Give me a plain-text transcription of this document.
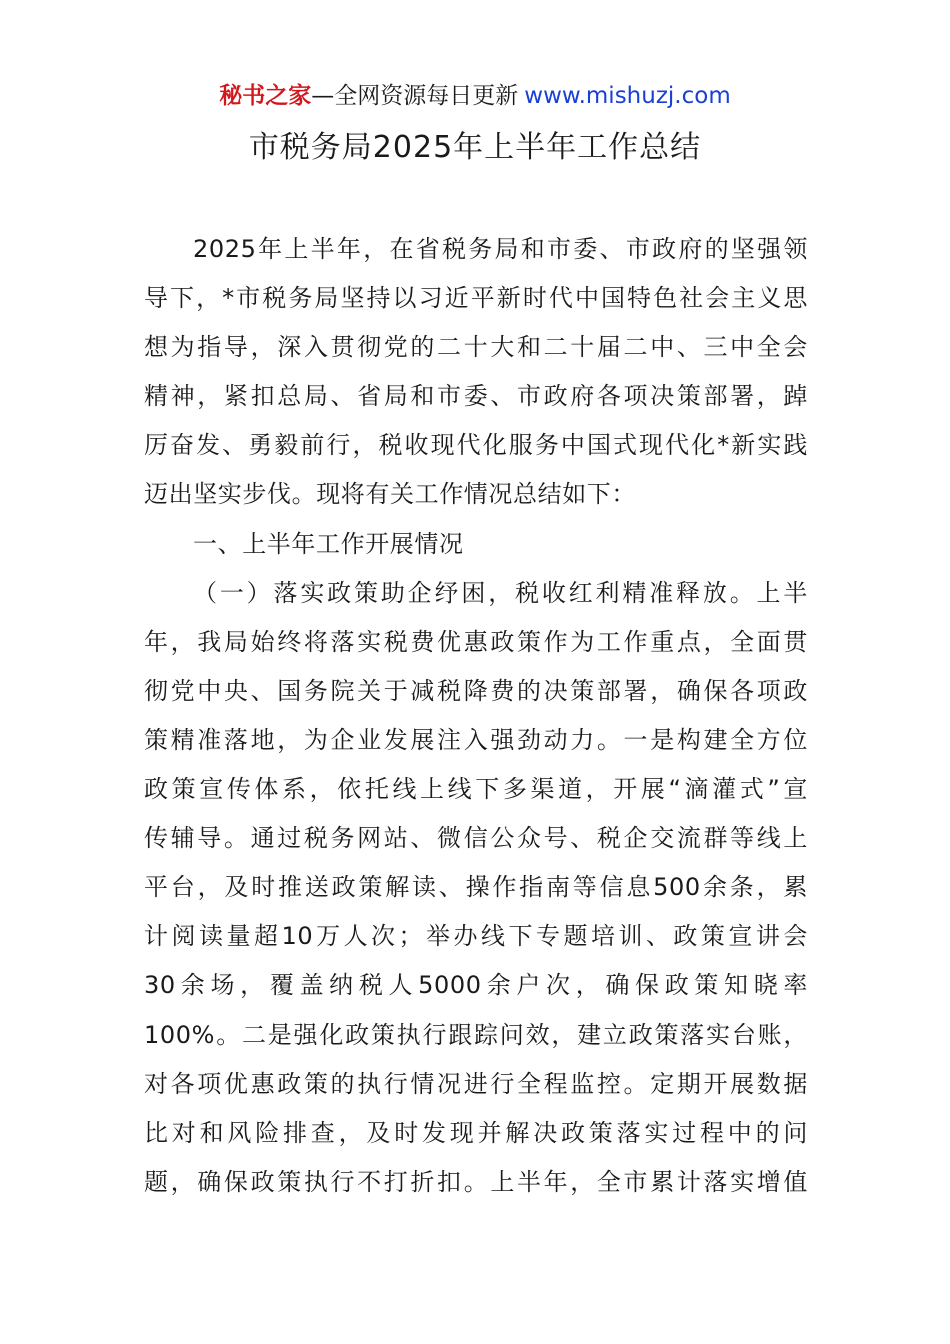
秘书之家—全网资源每日更新 www.mishuzj.com
市税务局2025年上半年工作总结
2025年上半年，在省税务局和市委、市政府的坚强领
导下，*市税务局坚持以习近平新时代中国特色社会主义思
想为指导，深入贯彻党的二十大和二十届二中、三中全会
精神，紧扣总局、省局和市委、市政府各项决策部署，踔
厉奋发、勇毅前行，税收现代化服务中国式现代化*新实践
迈出坚实步伐。现将有关工作情况总结如下：
一、上半年工作开展情况
（一）落实政策助企纾困，税收红利精准释放。上半
年，我局始终将落实税费优惠政策作为工作重点，全面贯
彻党中央、国务院关于减税降费的决策部署，确保各项政
策精准落地，为企业发展注入强劲动力。一是构建全方位
政策宣传体系，依托线上线下多渠道，开展“滴灌式”宣
传辅导。通过税务网站、微信公众号、税企交流群等线上
平台，及时推送政策解读、操作指南等信息500余条，累
计阅读量超10万人次；举办线下专题培训、政策宣讲会
30余场，覆盖纳税人5000余户次，确保政策知晓率
100%。二是强化政策执行跟踪问效，建立政策落实台账，
对各项优惠政策的执行情况进行全程监控。定期开展数据
比对和风险排查，及时发现并解决政策落实过程中的问
题，确保政策执行不打折扣。上半年，全市累计落实增值
